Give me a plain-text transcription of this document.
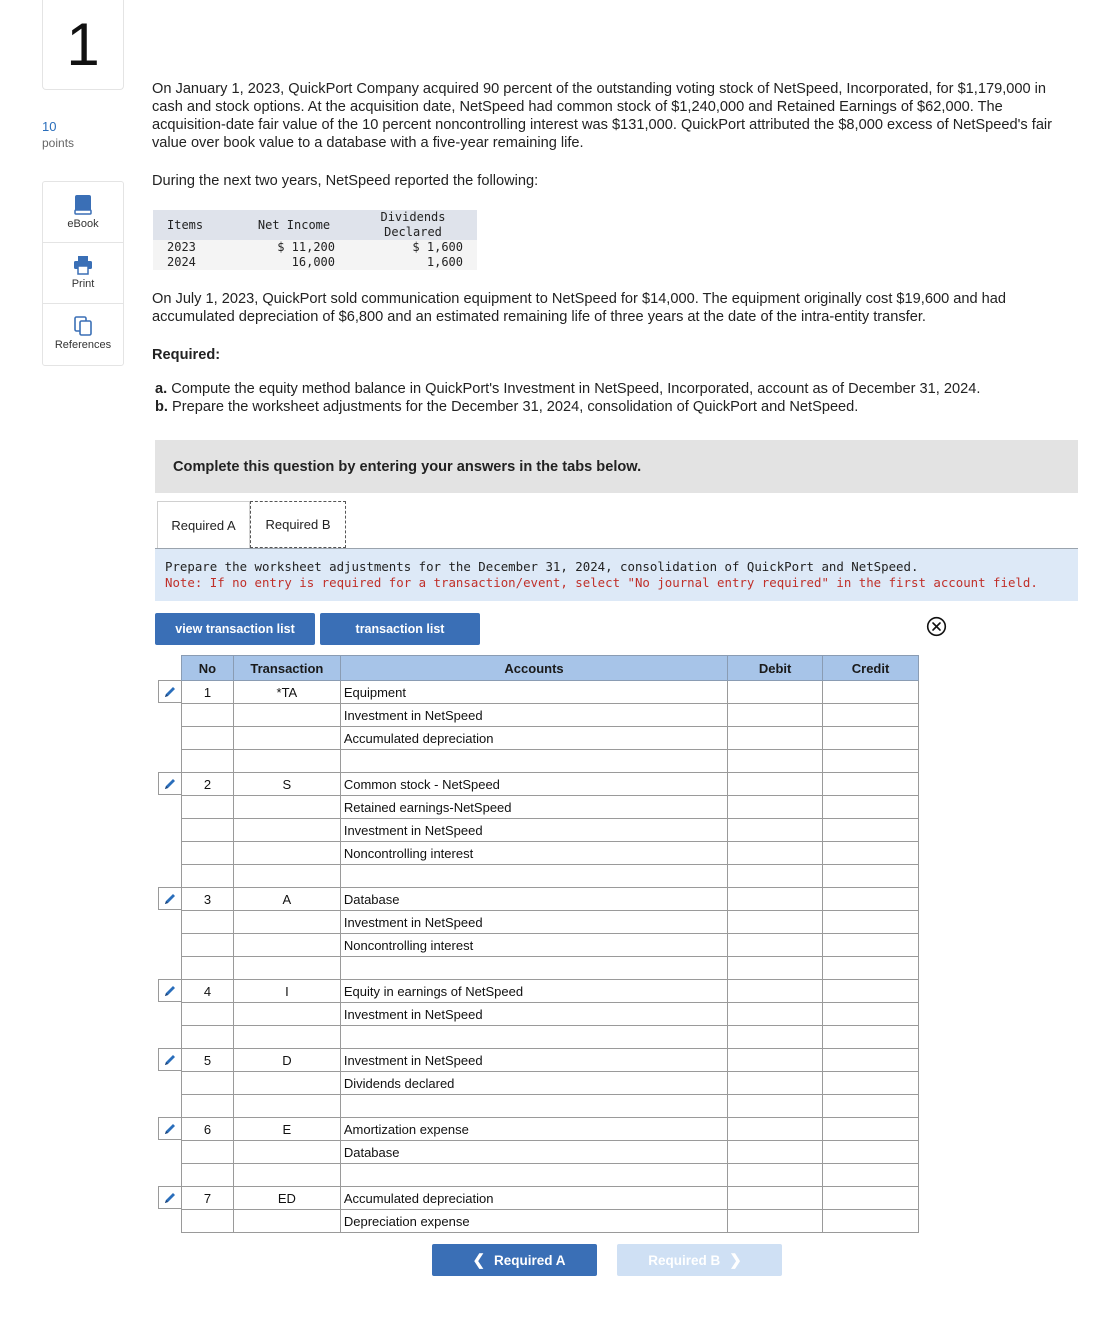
1
10
points
eBook
Print
References

On January 1, 2023, QuickPort Company acquired 90 percent of the outstanding voting stock of NetSpeed, Incorporated, for $1,179,000 in cash and stock options. At the acquisition date, NetSpeed had common stock of $1,240,000 and Retained Earnings of $62,000. The acquisition-date fair value of the 10 percent noncontrolling interest was $131,000. QuickPort attributed the $8,000 excess of NetSpeed's fair value over book value to a database with a five-year remaining life.

During the next two years, NetSpeed reported the following:

Items	Net Income	Dividends
Declared
2023	$ 11,200	$ 1,600
2024	16,000	1,600

On July 1, 2023, QuickPort sold communication equipment to NetSpeed for $14,000. The equipment originally cost $19,600 and had accumulated depreciation of $6,800 and an estimated remaining life of three years at the date of the intra-entity transfer.

Required:

a. Compute the equity method balance in QuickPort's Investment in NetSpeed, Incorporated, account as of December 31, 2024.

b. Prepare the worksheet adjustments for the December 31, 2024, consolidation of QuickPort and NetSpeed.

Complete this question by entering your answers in the tabs below.
Required A	Required B
Prepare the worksheet adjustments for the December 31, 2024, consolidation of QuickPort and NetSpeed.
Note: If no entry is required for a transaction/event, select "No journal entry required" in the first account field.
view transaction list	transaction list
No	Transaction	Accounts	Debit	Credit
1	*TA	Equipment		
		Investment in NetSpeed		
		Accumulated depreciation		

2	S	Common stock - NetSpeed		
		Retained earnings-NetSpeed		
		Investment in NetSpeed		
		Noncontrolling interest		

3	A	Database		
		Investment in NetSpeed		
		Noncontrolling interest		

4	I	Equity in earnings of NetSpeed		
		Investment in NetSpeed		

5	D	Investment in NetSpeed		
		Dividends declared		

6	E	Amortization expense		
		Database		

7	ED	Accumulated depreciation		
		Depreciation expense		
❮ Required A	Required B ❯
